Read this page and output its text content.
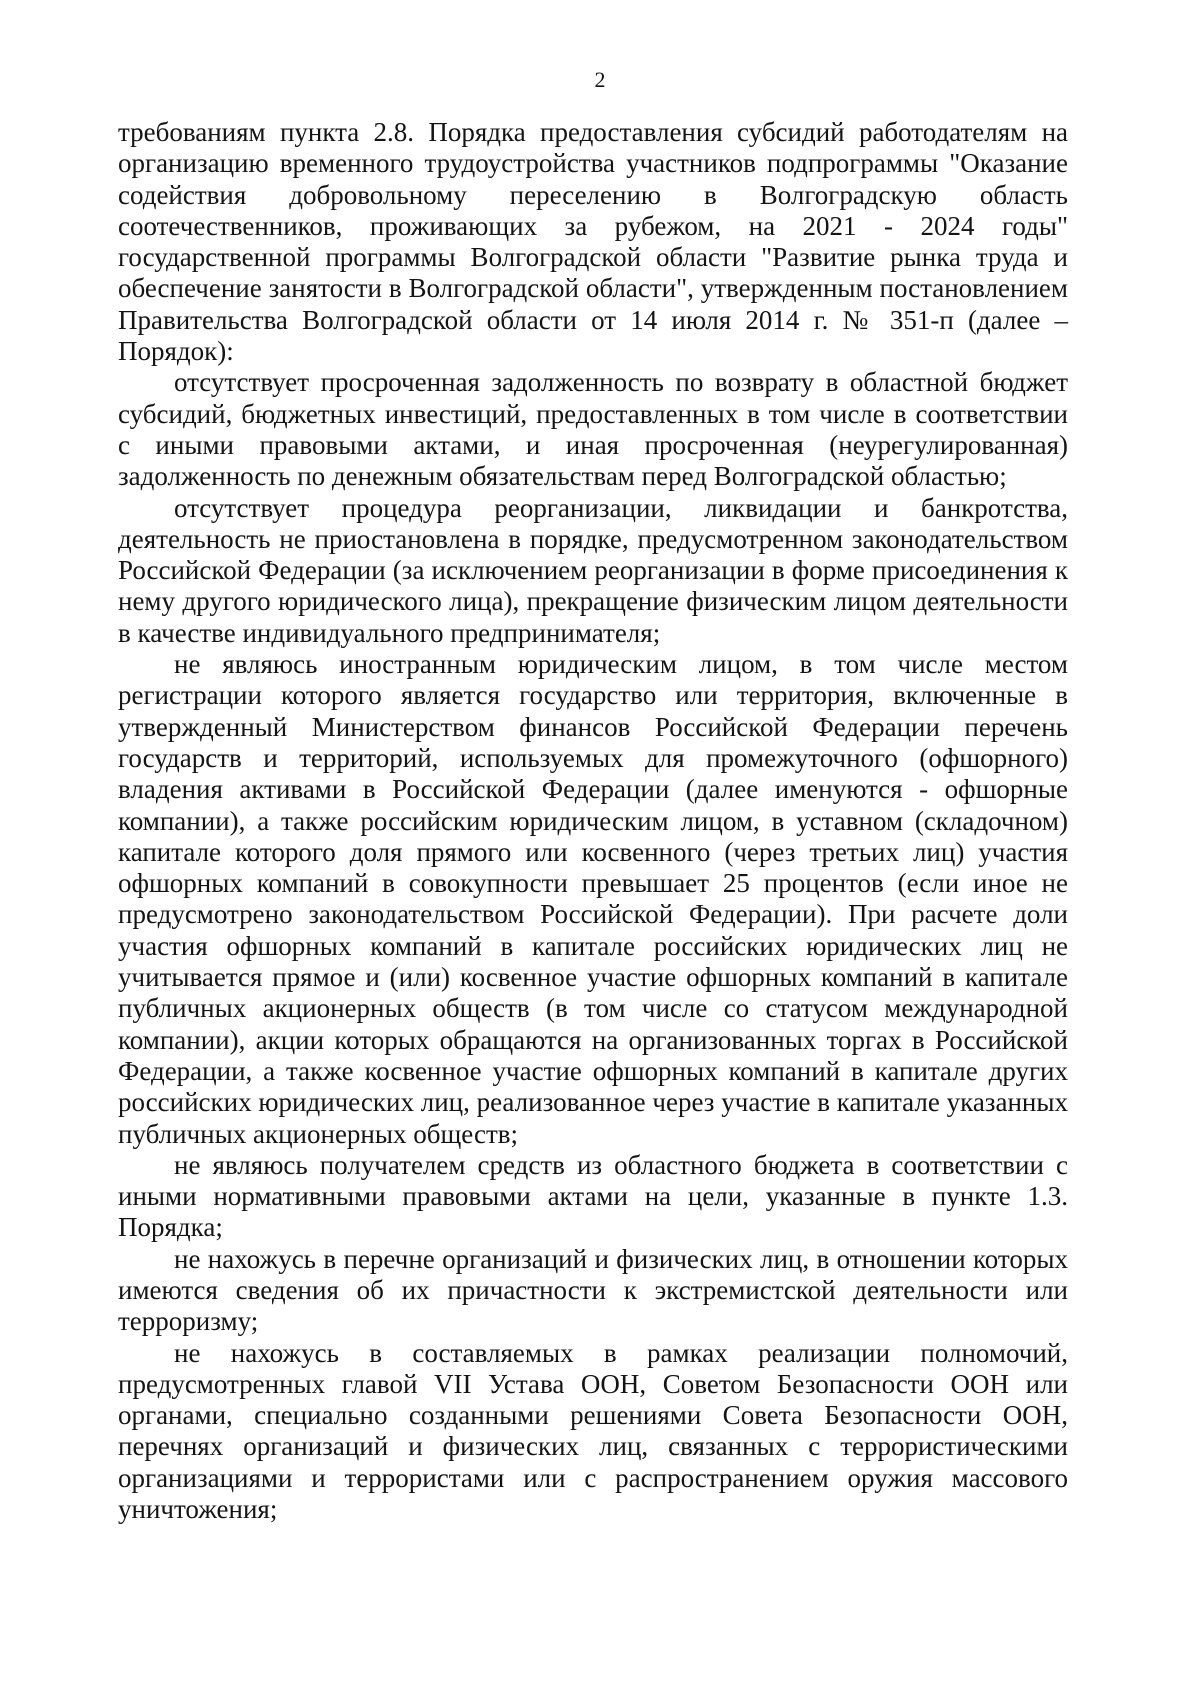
2

требованиям пункта 2.8. Порядка предоставления субсидий работодателям на организацию временного трудоустройства участников подпрограммы "Оказание содействия добровольному переселению в Волгоградскую область соотечественников, проживающих за рубежом, на 2021 - 2024 годы" государственной программы Волгоградской области "Развитие рынка труда и обеспечение занятости в Волгоградской области", утвержденным постановлением Правительства Волгоградской области от 14 июля 2014 г. № 351-п (далее – Порядок):

отсутствует просроченная задолженность по возврату в областной бюджет субсидий, бюджетных инвестиций, предоставленных в том числе в соответствии с иными правовыми актами, и иная просроченная (неурегулированная) задолженность по денежным обязательствам перед Волгоградской областью;

отсутствует процедура реорганизации, ликвидации и банкротства, деятельность не приостановлена в порядке, предусмотренном законодательством Российской Федерации (за исключением реорганизации в форме присоединения к нему другого юридического лица), прекращение физическим лицом деятельности в качестве индивидуального предпринимателя;

не являюсь иностранным юридическим лицом, в том числе местом регистрации которого является государство или территория, включенные в утвержденный Министерством финансов Российской Федерации перечень государств и территорий, используемых для промежуточного (офшорного) владения активами в Российской Федерации (далее именуются - офшорные компании), а также российским юридическим лицом, в уставном (складочном) капитале которого доля прямого или косвенного (через третьих лиц) участия офшорных компаний в совокупности превышает 25 процентов (если иное не предусмотрено законодательством Российской Федерации). При расчете доли участия офшорных компаний в капитале российских юридических лиц не учитывается прямое и (или) косвенное участие офшорных компаний в капитале публичных акционерных обществ (в том числе со статусом международной компании), акции которых обращаются на организованных торгах в Российской Федерации, а также косвенное участие офшорных компаний в капитале других российских юридических лиц, реализованное через участие в капитале указанных публичных акционерных обществ;

не являюсь получателем средств из областного бюджета в соответствии с иными нормативными правовыми актами на цели, указанные в пункте 1.3. Порядка;

не нахожусь в перечне организаций и физических лиц, в отношении которых имеются сведения об их причастности к экстремистской деятельности или терроризму;

не нахожусь в составляемых в рамках реализации полномочий, предусмотренных главой VII Устава ООН, Советом Безопасности ООН или органами, специально созданными решениями Совета Безопасности ООН, перечнях организаций и физических лиц, связанных с террористическими организациями и террористами или с распространением оружия массового уничтожения;
